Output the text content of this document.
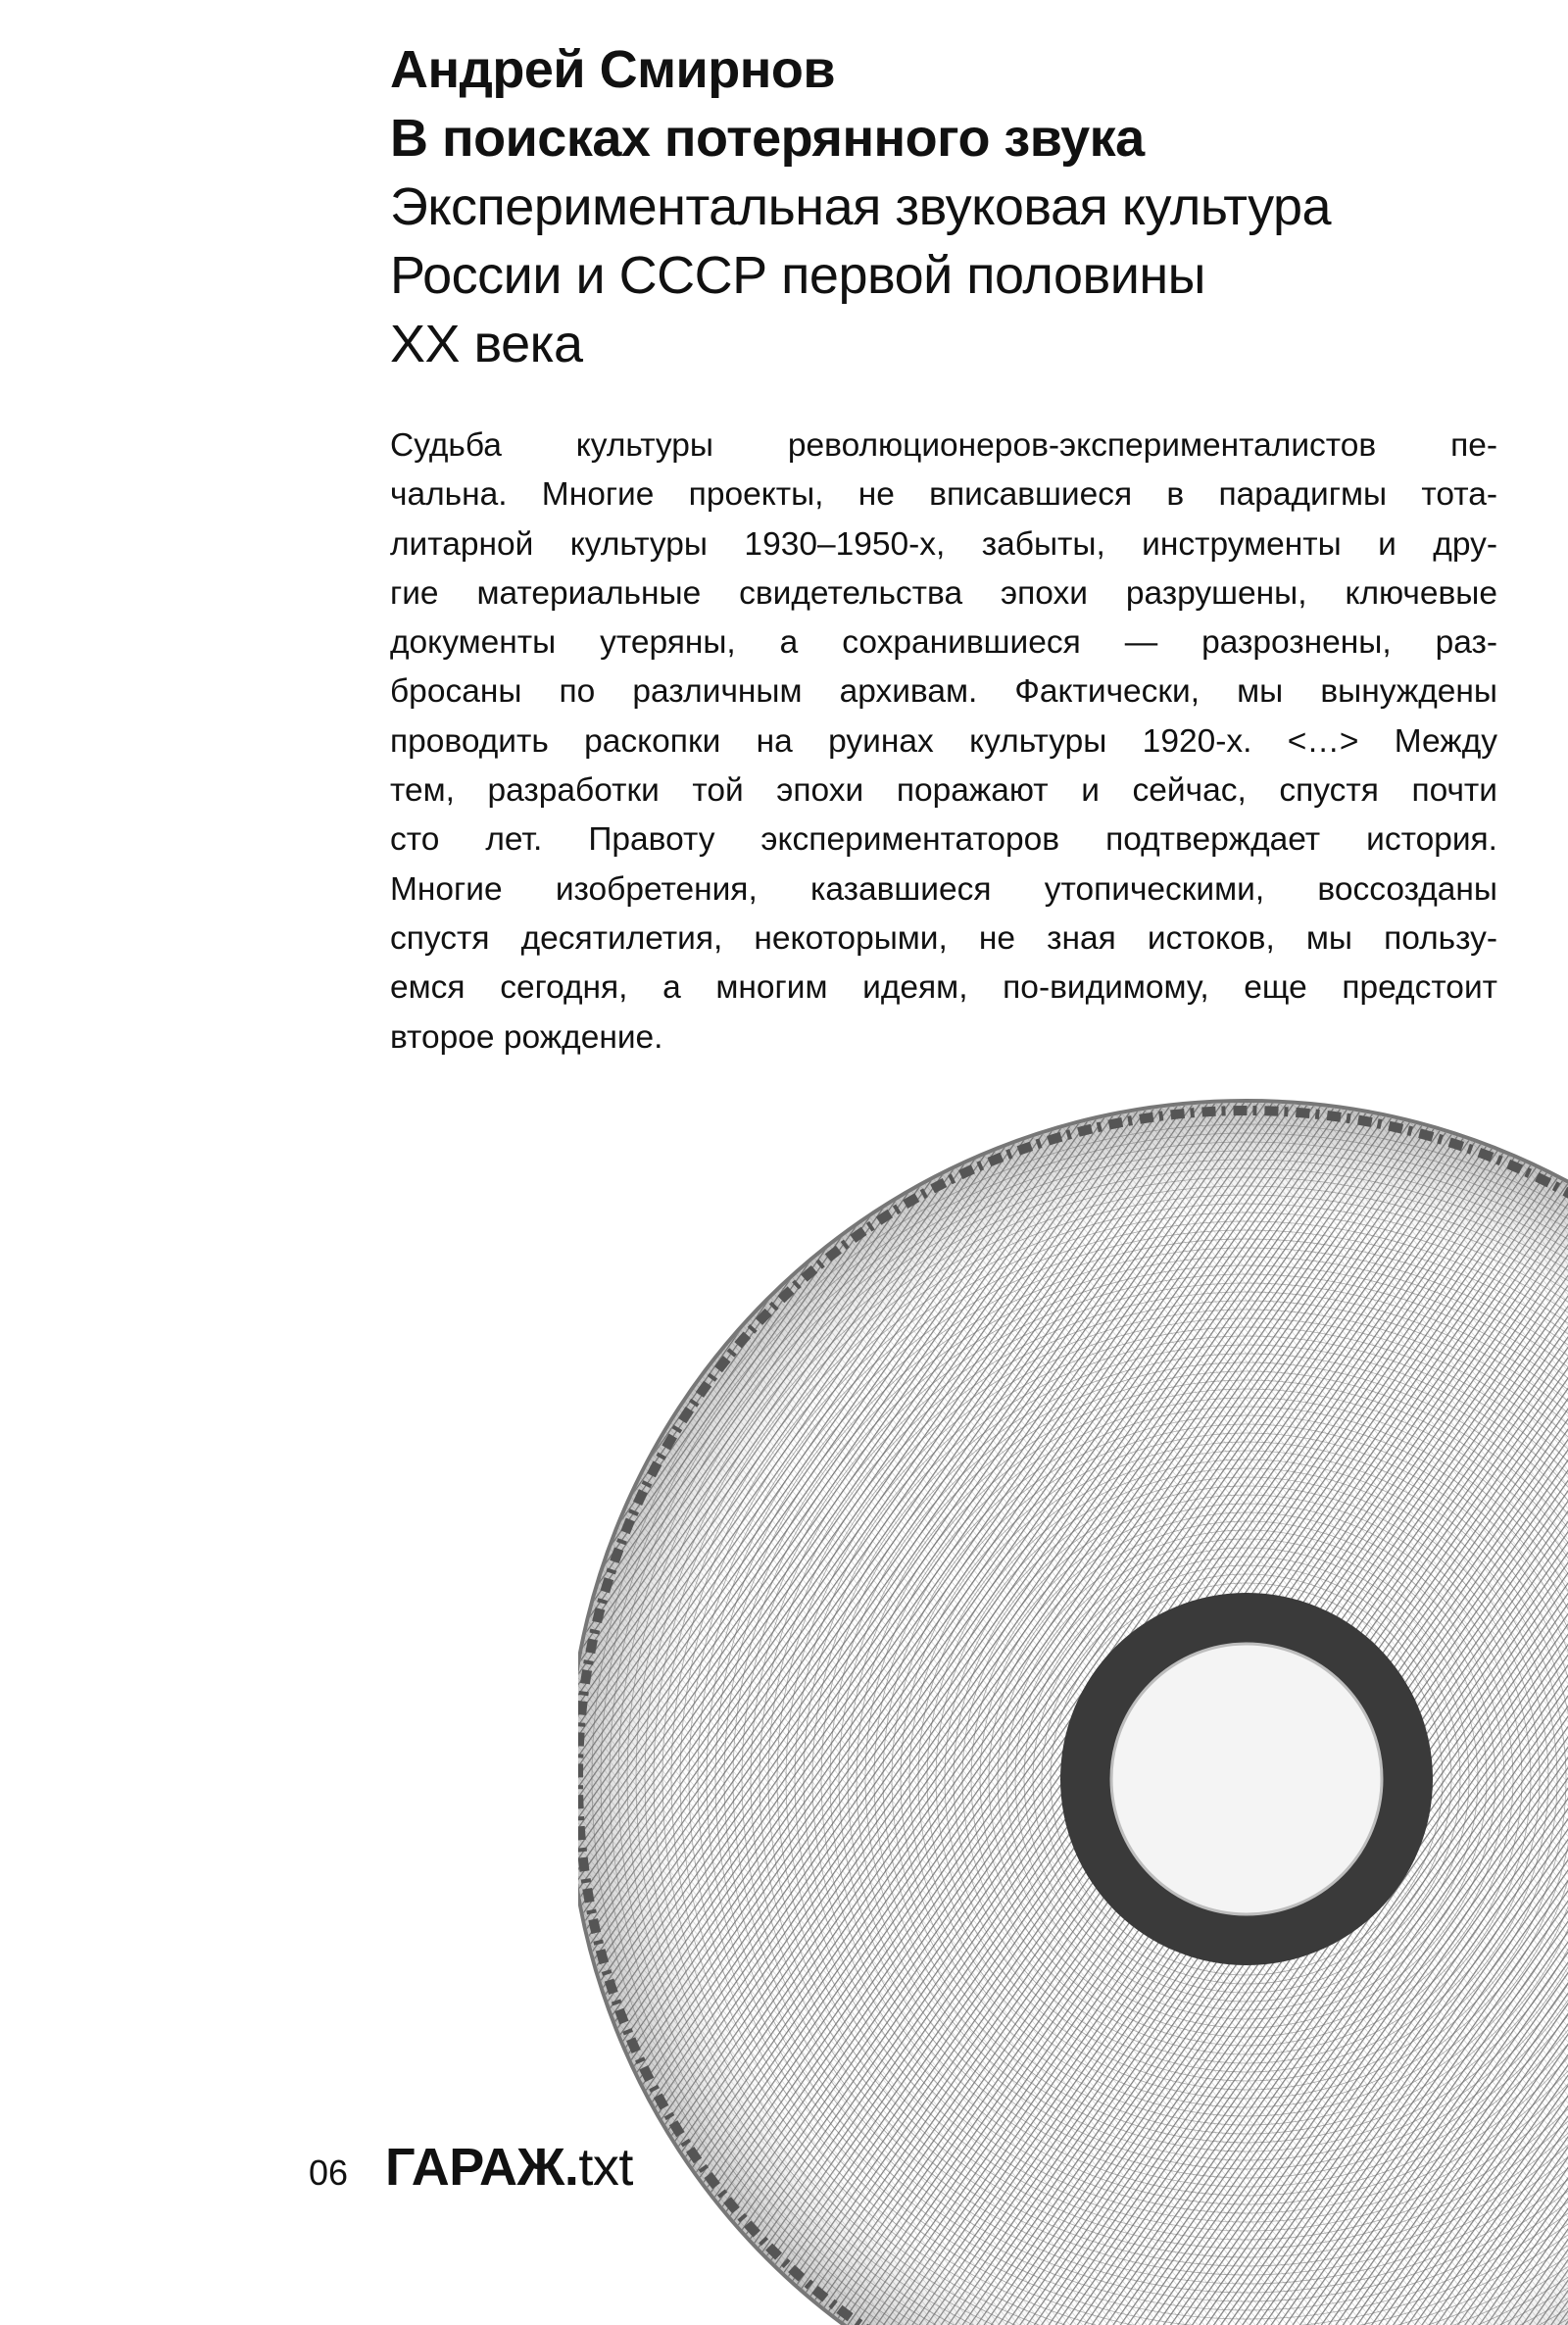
Андрей Смирнов

В поисках потерянного звука

Экспериментальная звуковая культура

России и СССР первой половины

XX века

Судьба культуры революционеров-эксперименталистов пе-
чальна. Многие проекты, не вписавшиеся в парадигмы тота-
литарной культуры 1930–1950-х, забыты, инструменты и дру-
гие материальные свидетельства эпохи разрушены, ключевые
документы утеряны, а сохранившиеся — разрознены, раз-
бросаны по различным архивам. Фактически, мы вынуждены
проводить раскопки на руинах культуры 1920-х. <…> Между
тем, разработки той эпохи поражают и сейчас, спустя почти
сто лет. Правоту экспериментаторов подтверждает история.
Многие изобретения, казавшиеся утопическими, воссозданы
спустя десятилетия, некоторыми, не зная истоков, мы пользу-
емся сегодня, а многим идеям, по-видимому, еще предстоит
второе рождение.
06 ГАРАЖ.txt
